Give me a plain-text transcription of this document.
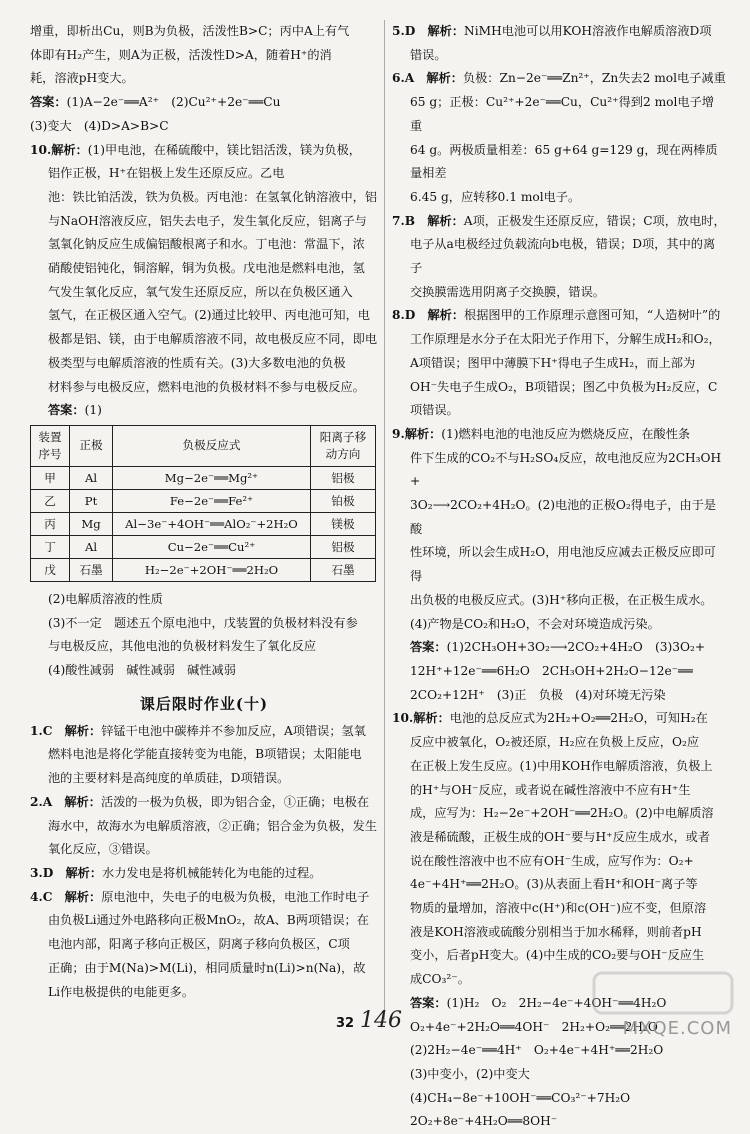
增重，即析出Cu，则B为负极，活泼性B>C；丙中A上有气

体即有H₂产生，则A为正极，活泼性D>A，随着H⁺的消

耗，溶液pH变大。

答案：(1)A−2e⁻══A²⁺　(2)Cu²⁺+2e⁻══Cu

(3)变大　(4)D>A>B>C

10.解析：(1)甲电池，在稀硫酸中，镁比铝活泼，镁为负极，

铝作正极，H⁺在铝极上发生还原反应。乙电

池：铁比铂活泼，铁为负极。丙电池：在氢氧化钠溶液中，铝

与NaOH溶液反应，铝失去电子，发生氧化反应，铝离子与

氢氧化钠反应生成偏铝酸根离子和水。丁电池：常温下，浓

硝酸使铝钝化，铜溶解，铜为负极。戊电池是燃料电池，氢

气发生氧化反应，氧气发生还原反应，所以在负极区通入

氢气，在正极区通入空气。(2)通过比较甲、丙电池可知，电

极都是铝、镁，由于电解质溶液不同，故电极反应不同，即电

极类型与电解质溶液的性质有关。(3)大多数电池的负极

材料参与电极反应，燃料电池的负极材料不参与电极反应。

答案：(1)

装置序号	正极	负极反应式	阳离子移动方向
甲	Al	Mg−2e⁻══Mg²⁺	铝极
乙	Pt	Fe−2e⁻══Fe²⁺	铂极
丙	Mg	Al−3e⁻+4OH⁻══AlO₂⁻+2H₂O	镁极
丁	Al	Cu−2e⁻══Cu²⁺	铝极
戊	石墨	H₂−2e⁻+2OH⁻══2H₂O	石墨

(2)电解质溶液的性质

(3)不一定　题述五个原电池中，戊装置的负极材料没有参

与电极反应，其他电池的负极材料发生了氧化反应

(4)酸性减弱　碱性减弱　碱性减弱

课后限时作业(十)

1.C　解析：锌锰干电池中碳棒并不参加反应，A项错误；氢氧

燃料电池是将化学能直接转变为电能，B项错误；太阳能电

池的主要材料是高纯度的单质硅，D项错误。

2.A　解析：活泼的一极为负极，即为铝合金，①正确；电极在

海水中，故海水为电解质溶液，②正确；铝合金为负极，发生

氧化反应，③错误。

3.D　解析：水力发电是将机械能转化为电能的过程。

4.C　解析：原电池中，失电子的电极为负极，电池工作时电子

由负极Li通过外电路移向正极MnO₂，故A、B两项错误；在

电池内部，阳离子移向正极区，阴离子移向负极区，C项

正确；由于M(Na)>M(Li)，相同质量时n(Li)>n(Na)，故

Li作电极提供的电能更多。

5.D　解析：NiMH电池可以用KOH溶液作电解质溶液D项

错误。

6.A　解析：负极：Zn−2e⁻══Zn²⁺，Zn失去2 mol电子减重

65 g；正极：Cu²⁺+2e⁻══Cu，Cu²⁺得到2 mol电子增重

64 g。两极质量相差：65 g+64 g=129 g，现在两棒质量相差

6.45 g，应转移0.1 mol电子。

7.B　解析：A项，正极发生还原反应，错误；C项，放电时，

电子从a电极经过负载流向b电极，错误；D项，其中的离子

交换膜需选用阴离子交换膜，错误。

8.D　解析：根据图甲的工作原理示意图可知，“人造树叶”的

工作原理是水分子在太阳光子作用下，分解生成H₂和O₂，

A项错误；图甲中薄膜下H⁺得电子生成H₂，而上部为

OH⁻失电子生成O₂，B项错误；图乙中负极为H₂反应，C

项错误。

9.解析：(1)燃料电池的电池反应为燃烧反应，在酸性条

件下生成的CO₂不与H₂SO₄反应，故电池反应为2CH₃OH+

3O₂⟶2CO₂+4H₂O。(2)电池的正极O₂得电子，由于是酸

性环境，所以会生成H₂O，用电池反应减去正极反应即可得

出负极的电极反应式。(3)H⁺移向正极，在正极生成水。

(4)产物是CO₂和H₂O，不会对环境造成污染。

答案：(1)2CH₃OH+3O₂⟶2CO₂+4H₂O　(3)3O₂+

12H⁺+12e⁻══6H₂O　2CH₃OH+2H₂O−12e⁻══

2CO₂+12H⁺　(3)正　负极　(4)对环境无污染

10.解析：电池的总反应式为2H₂+O₂══2H₂O，可知H₂在

反应中被氧化，O₂被还原，H₂应在负极上反应，O₂应

在正极上发生反应。(1)中用KOH作电解质溶液，负极上

的H⁺与OH⁻反应，或者说在碱性溶液中不应有H⁺生

成，应写为：H₂−2e⁻+2OH⁻══2H₂O。(2)中电解质溶

液是稀硫酸，正极生成的OH⁻要与H⁺反应生成水，或者

说在酸性溶液中也不应有OH⁻生成，应写作为：O₂+

4e⁻+4H⁺══2H₂O。(3)从表面上看H⁺和OH⁻离子等

物质的量增加，溶液中c(H⁺)和c(OH⁻)应不变，但原溶

液是KOH溶液或硫酸分别相当于加水稀释，则前者pH

变小，后者pH变大。(4)中生成的CO₂要与OH⁻反应生

成CO₃²⁻。

答案：(1)H₂　O₂　2H₂−4e⁻+4OH⁻══4H₂O

O₂+4e⁻+2H₂O══4OH⁻　2H₂+O₂══2H₂O

(2)2H₂−4e⁻══4H⁺　O₂+4e⁻+4H⁺══2H₂O

(3)中变小，(2)中变大

(4)CH₄−8e⁻+10OH⁻══CO₃²⁻+7H₂O

2O₂+8e⁻+4H₂O══8OH⁻

32 146	MXQE.COM
